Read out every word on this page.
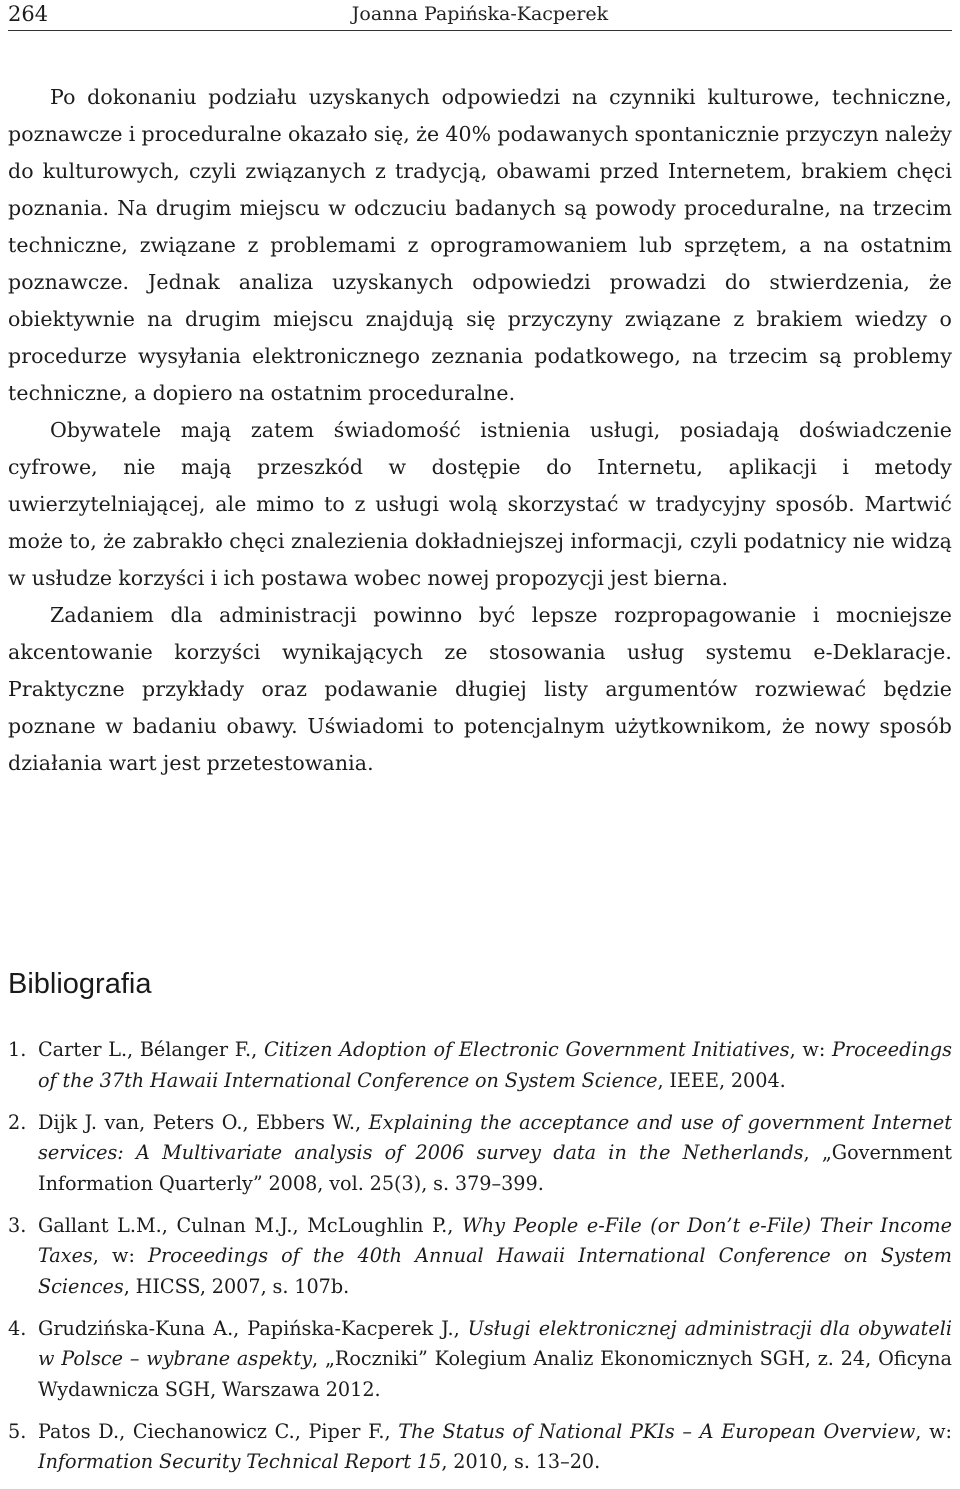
264	Joanna Papińska-Kacperek

Po dokonaniu podziału uzyskanych odpowiedzi na czynniki kulturowe, techniczne, poznawcze i proceduralne okazało się, że 40% podawanych spontanicznie przyczyn należy do kulturowych, czyli związanych z tradycją, obawami przed Internetem, brakiem chęci poznania. Na drugim miejscu w odczuciu badanych są powody proceduralne, na trzecim techniczne, związane z problemami z oprogramowaniem lub sprzętem, a na ostatnim poznawcze. Jednak analiza uzyskanych odpowiedzi prowadzi do stwierdzenia, że obiektywnie na drugim miejscu znajdują się przyczyny związane z brakiem wiedzy o procedurze wysyłania elektronicznego zeznania podatkowego, na trzecim są problemy techniczne, a dopiero na ostatnim proceduralne.

Obywatele mają zatem świadomość istnienia usługi, posiadają doświadczenie cyfrowe, nie mają przeszkód w dostępie do Internetu, aplikacji i metody uwierzytelniającej, ale mimo to z usługi wolą skorzystać w tradycyjny sposób. Martwić może to, że zabrakło chęci znalezienia dokładniejszej informacji, czyli podatnicy nie widzą w usłudze korzyści i ich postawa wobec nowej propozycji jest bierna.

Zadaniem dla administracji powinno być lepsze rozpropagowanie i mocniejsze akcentowanie korzyści wynikających ze stosowania usług systemu e-Deklaracje. Praktyczne przykłady oraz podawanie długiej listy argumentów rozwiewać będzie poznane w badaniu obawy. Uświadomi to potencjalnym użytkownikom, że nowy sposób działania wart jest przetestowania.

Bibliografia
1. Carter L., Bélanger F., Citizen Adoption of Electronic Government Initiatives, w: Proceedings of the 37th Hawaii International Conference on System Science, IEEE, 2004.
2. Dijk J. van, Peters O., Ebbers W., Explaining the acceptance and use of government Internet services: A Multivariate analysis of 2006 survey data in the Netherlands, „Government Information Quarterly” 2008, vol. 25(3), s. 379–399.
3. Gallant L.M., Culnan M.J., McLoughlin P., Why People e-File (or Don’t e-File) Their Income Taxes, w: Proceedings of the 40th Annual Hawaii International Conference on System Sciences, HICSS, 2007, s. 107b.
4. Grudzińska-Kuna A., Papińska-Kacperek J., Usługi elektronicznej administracji dla obywateli w Polsce – wybrane aspekty, „Roczniki” Kolegium Analiz Ekonomicznych SGH, z. 24, Oficyna Wydawnicza SGH, Warszawa 2012.
5. Patos D., Ciechanowicz C., Piper F., The Status of National PKIs – A European Overview, w: Information Security Technical Report 15, 2010, s. 13–20.
